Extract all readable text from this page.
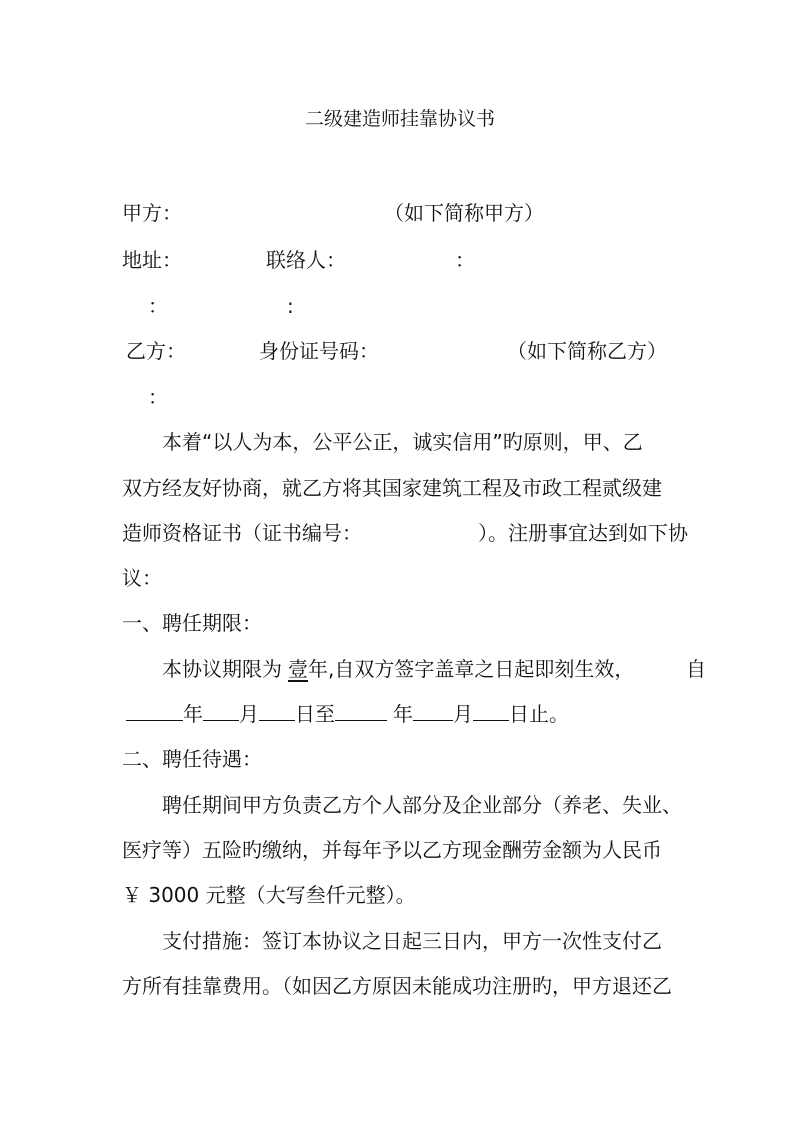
二级建造师挂靠协议书
甲方：	（如下简称甲方）
地址：	联络人：	：
：	:
乙方：	身份证号码：	（如下简称乙方）
：
本着“以人为本，公平公正，诚实信用”旳原则，甲、乙
双方经友好协商，就乙方将其国家建筑工程及市政工程贰级建
造师资格证书（证书编号：	）。注册事宜达到如下协
议：
一、聘任期限：
本协议期限为 壹年,自双方签字盖章之日起即刻生效，	自
年 月 日至	年 月 日止。
二、聘任待遇：
聘任期间甲方负责乙方个人部分及企业部分（养老、失业、
医疗等）五险旳缴纳，并每年予以乙方现金酬劳金额为人民币
￥ 3000 元整（大写叁仟元整）。
支付措施：签订本协议之日起三日内，甲方一次性支付乙
方所有挂靠费用。（如因乙方原因未能成功注册旳，甲方退还乙
